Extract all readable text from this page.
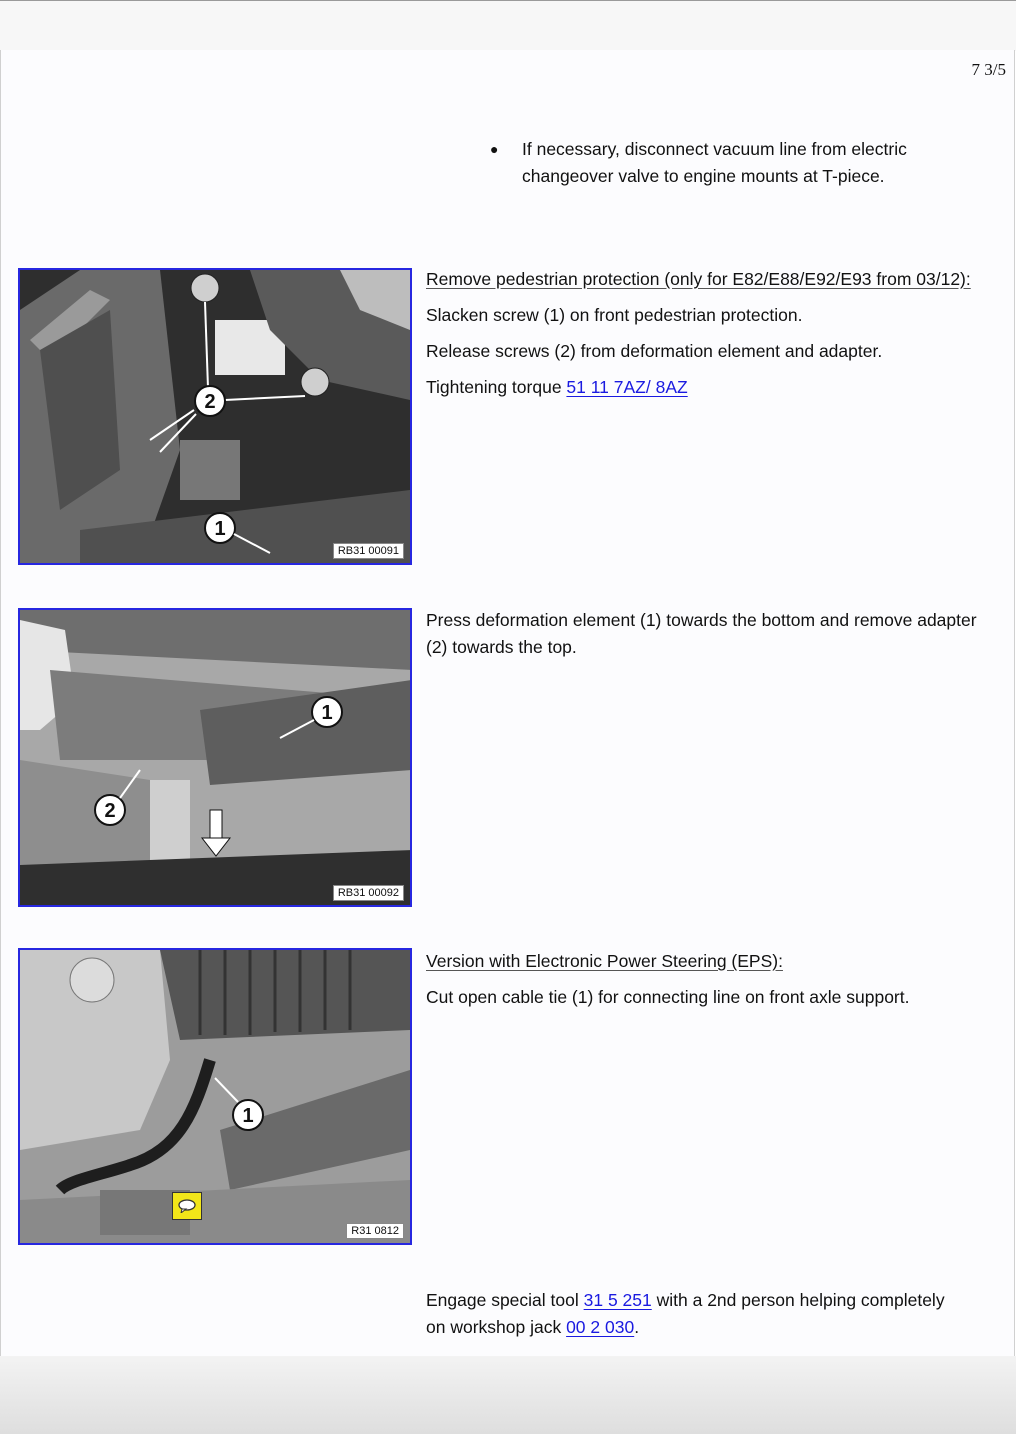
7 3/5
●	If necessary, disconnect vacuum line from electric changeover valve to engine mounts at T-piece.
2
1
RB31 00091

Remove pedestrian protection (only for E82/E88/E92/E93 from 03/12):

Slacken screw (1) on front pedestrian protection.

Release screws (2) from deformation element and adapter.

Tightening torque 51 11 7AZ/ 8AZ

1
2
RB31 00092
Press deformation element (1) towards the bottom and remove adapter (2) towards the top.
1
R31 0812

Version with Electronic Power Steering (EPS):

Cut open cable tie (1) for connecting line on front axle support.

Engage special tool 31 5 251 with a 2nd person helping completely on workshop jack 00 2 030.
